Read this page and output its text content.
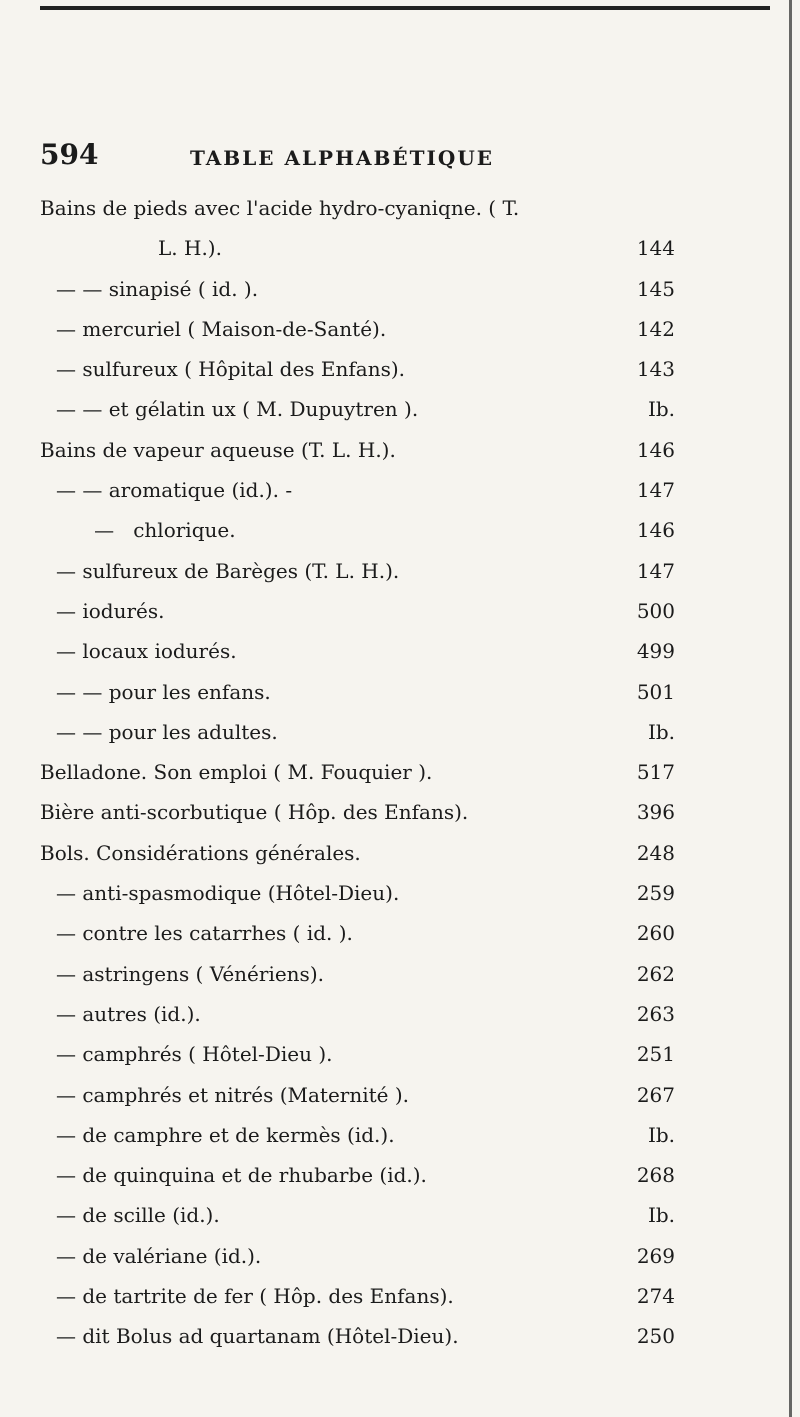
594	TABLE ALPHABÉTIQUE
Bains de pieds avec l'acide hydro-cyaniqne. ( T.
L. H.).	144
— — sinapisé ( id. ).	145
— mercuriel ( Maison-de-Santé).	142
— sulfureux ( Hôpital des Enfans).	143
— — et gélatin ux ( M. Dupuytren ).	Ib.
Bains de vapeur aqueuse (T. L. H.).	146
— — aromatique (id.). -	147
—   chlorique.	146
— sulfureux de Barèges (T. L. H.).	147
— iodurés.	500
— locaux iodurés.	499
— — pour les enfans.	501
— — pour les adultes.	Ib.
Belladone. Son emploi ( M. Fouquier ).	517
Bière anti-scorbutique ( Hôp. des Enfans).	396
Bols. Considérations générales.	248
— anti-spasmodique (Hôtel-Dieu).	259
— contre les catarrhes ( id. ).	260
— astringens ( Vénériens).	262
— autres (id.).	263
— camphrés ( Hôtel-Dieu ).	251
— camphrés et nitrés (Maternité ).	267
— de camphre et de kermès (id.).	Ib.
— de quinquina et de rhubarbe (id.).	268
— de scille (id.).	Ib.
— de valériane (id.).	269
— de tartrite de fer ( Hôp. des Enfans).	274
— dit Bolus ad quartanam (Hôtel-Dieu).	250
